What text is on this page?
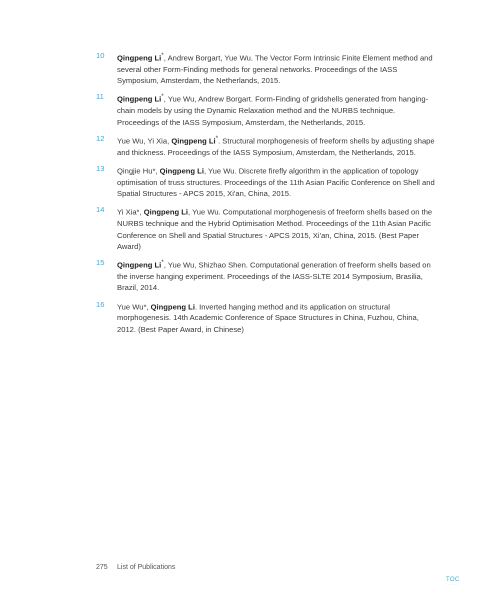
10	Qingpeng Li*, Andrew Borgart, Yue Wu. The Vector Form Intrinsic Finite Element method and several other Form-Finding methods for general networks. Proceedings of the IASS Symposium, Amsterdam, the Netherlands, 2015.
11	Qingpeng Li*, Yue Wu, Andrew Borgart. Form-Finding of gridshells generated from hanging-chain models by using the Dynamic Relaxation method and the NURBS technique. Proceedings of the IASS Symposium, Amsterdam, the Netherlands, 2015.
12	Yue Wu, Yi Xia, Qingpeng Li*. Structural morphogenesis of freeform shells by adjusting shape and thickness. Proceedings of the IASS Symposium, Amsterdam, the Netherlands, 2015.
13	Qingjie Hu*, Qingpeng Li, Yue Wu. Discrete firefly algorithm in the application of topology optimisation of truss structures. Proceedings of the 11th Asian Pacific Conference on Shell and Spatial Structures - APCS 2015, Xi'an, China, 2015.
14	Yi Xia*, Qingpeng Li, Yue Wu. Computational morphogenesis of freeform shells based on the NURBS technique and the Hybrid Optimisation Method. Proceedings of the 11th Asian Pacific Conference on Shell and Spatial Structures - APCS 2015, Xi'an, China, 2015. (Best Paper Award)
15	Qingpeng Li*, Yue Wu, Shizhao Shen. Computational generation of freeform shells based on the inverse hanging experiment. Proceedings of the IASS-SLTE 2014 Symposium, Brasilia, Brazil, 2014.
16	Yue Wu*, Qingpeng Li. Inverted hanging method and its application on structural morphogenesis. 14th Academic Conference of Space Structures in China, Fuzhou, China, 2012. (Best Paper Award, in Chinese)
275	List of Publications
TOC
· · · ·
